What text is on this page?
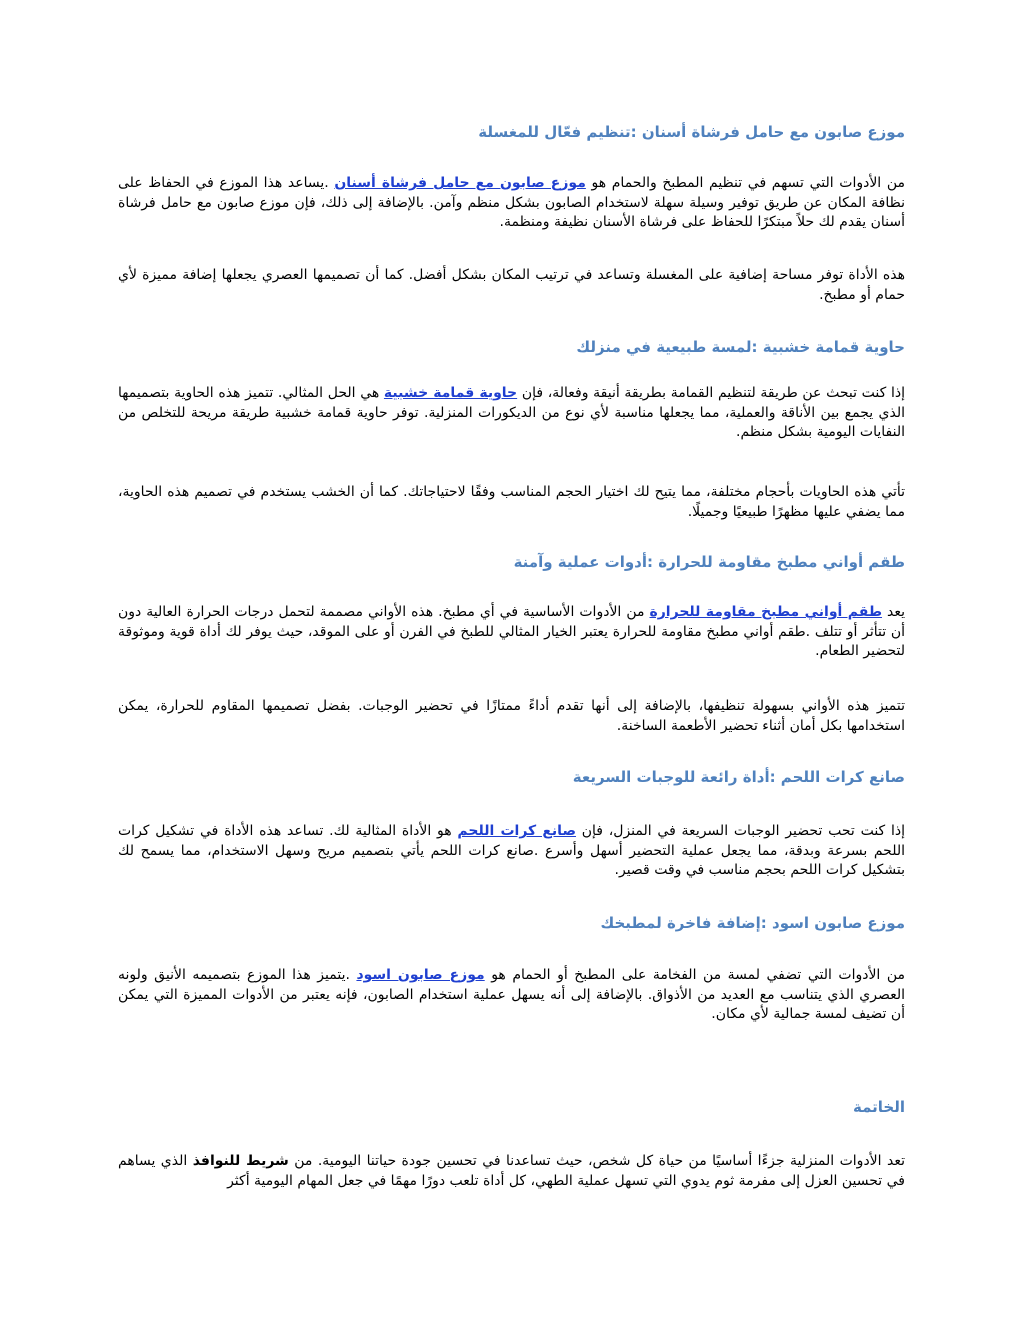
موزع صابون مع حامل فرشاة أسنان :تنظيم فعّال للمغسلة

من الأدوات التي تسهم في تنظيم المطبخ والحمام هو موزع صابون مع حامل فرشاة أسنان .يساعد هذا الموزع في الحفاظ على نظافة المكان عن طريق توفير وسيلة سهلة لاستخدام الصابون بشكل منظم وآمن. بالإضافة إلى ذلك، فإن موزع صابون مع حامل فرشاة أسنان يقدم لك حلاً مبتكرًا للحفاظ على فرشاة الأسنان نظيفة ومنظمة.

هذه الأداة توفر مساحة إضافية على المغسلة وتساعد في ترتيب المكان بشكل أفضل. كما أن تصميمها العصري يجعلها إضافة مميزة لأي حمام أو مطبخ.

حاوية قمامة خشبية :لمسة طبيعية في منزلك

إذا كنت تبحث عن طريقة لتنظيم القمامة بطريقة أنيقة وفعالة، فإن حاوية قمامة خشبية هي الحل المثالي. تتميز هذه الحاوية بتصميمها الذي يجمع بين الأناقة والعملية، مما يجعلها مناسبة لأي نوع من الديكورات المنزلية. توفر حاوية قمامة خشبية طريقة مريحة للتخلص من النفايات اليومية بشكل منظم.

تأتي هذه الحاويات بأحجام مختلفة، مما يتيح لك اختيار الحجم المناسب وفقًا لاحتياجاتك. كما أن الخشب يستخدم في تصميم هذه الحاوية، مما يضفي عليها مظهرًا طبيعيًا وجميلًا.

طقم أواني مطبخ مقاومة للحرارة :أدوات عملية وآمنة

يعد طقم أواني مطبخ مقاومة للحرارة من الأدوات الأساسية في أي مطبخ. هذه الأواني مصممة لتحمل درجات الحرارة العالية دون أن تتأثر أو تتلف .طقم أواني مطبخ مقاومة للحرارة يعتبر الخيار المثالي للطبخ في الفرن أو على الموقد، حيث يوفر لك أداة قوية وموثوقة لتحضير الطعام.

تتميز هذه الأواني بسهولة تنظيفها، بالإضافة إلى أنها تقدم أداءً ممتازًا في تحضير الوجبات. بفضل تصميمها المقاوم للحرارة، يمكن استخدامها بكل أمان أثناء تحضير الأطعمة الساخنة.

صانع كرات اللحم :أداة رائعة للوجبات السريعة

إذا كنت تحب تحضير الوجبات السريعة في المنزل، فإن صانع كرات اللحم هو الأداة المثالية لك. تساعد هذه الأداة في تشكيل كرات اللحم بسرعة وبدقة، مما يجعل عملية التحضير أسهل وأسرع .صانع كرات اللحم يأتي بتصميم مريح وسهل الاستخدام، مما يسمح لك بتشكيل كرات اللحم بحجم مناسب في وقت قصير.

موزع صابون اسود :إضافة فاخرة لمطبخك

من الأدوات التي تضفي لمسة من الفخامة على المطبخ أو الحمام هو موزع صابون اسود .يتميز هذا الموزع بتصميمه الأنيق ولونه العصري الذي يتناسب مع العديد من الأذواق. بالإضافة إلى أنه يسهل عملية استخدام الصابون، فإنه يعتبر من الأدوات المميزة التي يمكن أن تضيف لمسة جمالية لأي مكان.

الخاتمة

تعد الأدوات المنزلية جزءًا أساسيًا من حياة كل شخص، حيث تساعدنا في تحسين جودة حياتنا اليومية. من شريط للنوافذ الذي يساهم في تحسين العزل إلى مفرمة ثوم يدوي التي تسهل عملية الطهي، كل أداة تلعب دورًا مهمًا في جعل المهام اليومية أكثر
